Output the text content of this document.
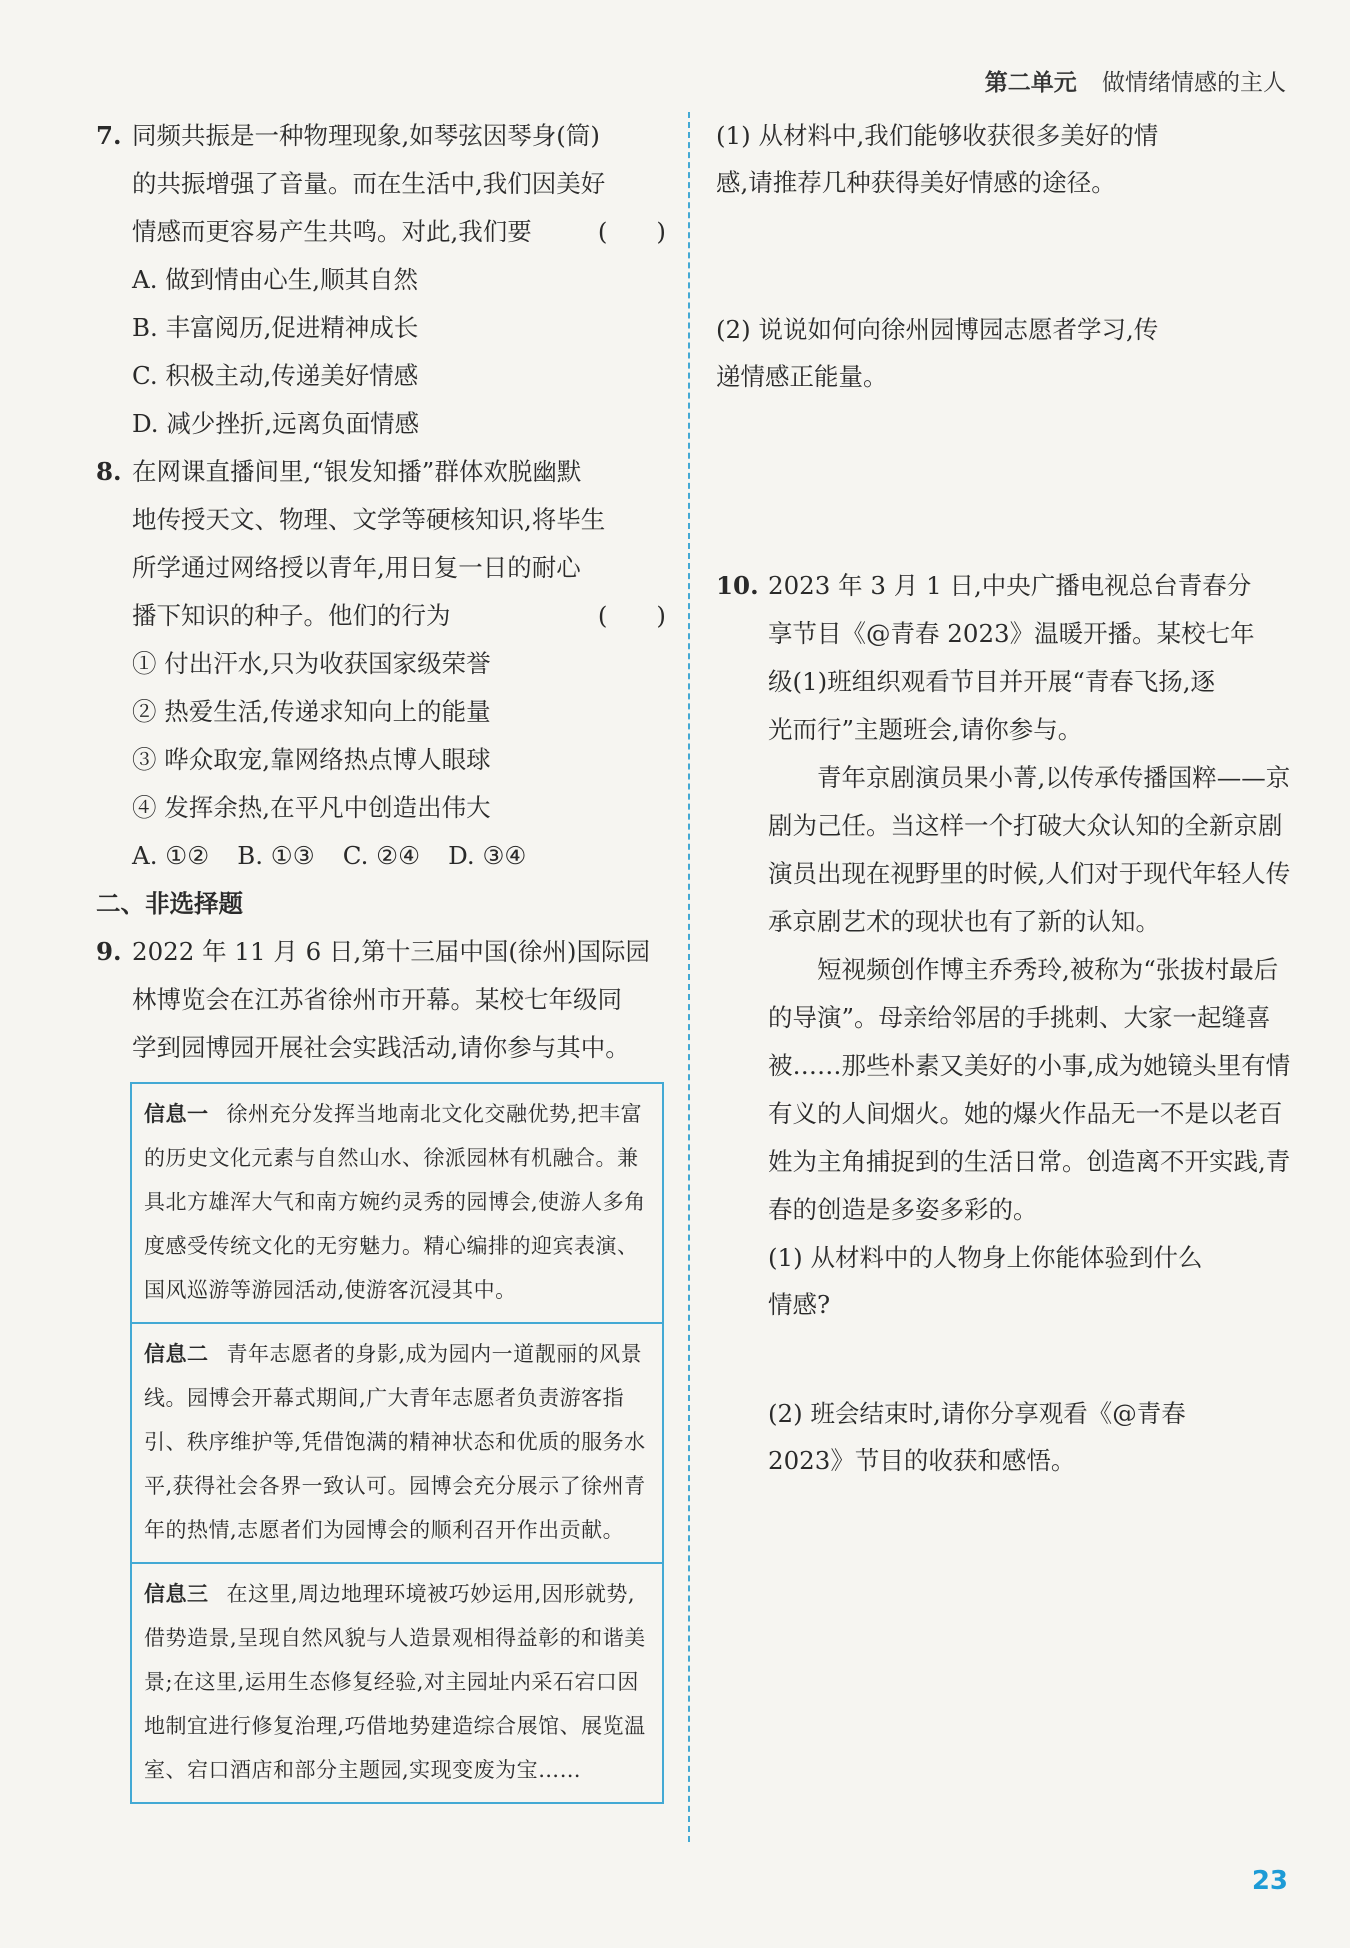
第二单元 做情绪情感的主人
7. 同频共振是一种物理现象,如琴弦因琴身(筒)
的共振增强了音量。而在生活中,我们因美好
情感而更容易产生共鸣。对此,我们要	(　　)
A. 做到情由心生,顺其自然
B. 丰富阅历,促进精神成长
C. 积极主动,传递美好情感
D. 减少挫折,远离负面情感
8. 在网课直播间里,“银发知播”群体欢脱幽默
地传授天文、物理、文学等硬核知识,将毕生
所学通过网络授以青年,用日复一日的耐心
播下知识的种子。他们的行为	(　　)
① 付出汗水,只为收获国家级荣誉
② 热爱生活,传递求知向上的能量
③ 哗众取宠,靠网络热点博人眼球
④ 发挥余热,在平凡中创造出伟大
A. ①② B. ①③ C. ②④ D. ③④
二、非选择题
9. 2022 年 11 月 6 日,第十三届中国(徐州)国际园
林博览会在江苏省徐州市开幕。某校七年级同
学到园博园开展社会实践活动,请你参与其中。
信息一 徐州充分发挥当地南北文化交融优势,把丰富的历史文化元素与自然山水、徐派园林有机融合。兼具北方雄浑大气和南方婉约灵秀的园博会,使游人多角度感受传统文化的无穷魅力。精心编排的迎宾表演、国风巡游等游园活动,使游客沉浸其中。
信息二 青年志愿者的身影,成为园内一道靓丽的风景线。园博会开幕式期间,广大青年志愿者负责游客指引、秩序维护等,凭借饱满的精神状态和优质的服务水平,获得社会各界一致认可。园博会充分展示了徐州青年的热情,志愿者们为园博会的顺利召开作出贡献。
信息三 在这里,周边地理环境被巧妙运用,因形就势,借势造景,呈现自然风貌与人造景观相得益彰的和谐美景;在这里,运用生态修复经验,对主园址内采石宕口因地制宜进行修复治理,巧借地势建造综合展馆、展览温室、宕口酒店和部分主题园,实现变废为宝……
(1) 从材料中,我们能够收获很多美好的情
感,请推荐几种获得美好情感的途径。
(2) 说说如何向徐州园博园志愿者学习,传
递情感正能量。
10. 2023 年 3 月 1 日,中央广播电视总台青春分
享节目《@青春 2023》温暖开播。某校七年
级(1)班组织观看节目并开展“青春飞扬,逐
光而行”主题班会,请你参与。
青年京剧演员果小菁,以传承传播国粹——京剧为己任。当这样一个打破大众认知的全新京剧演员出现在视野里的时候,人们对于现代年轻人传承京剧艺术的现状也有了新的认知。
短视频创作博主乔秀玲,被称为“张拔村最后的导演”。母亲给邻居的手挑刺、大家一起缝喜被……那些朴素又美好的小事,成为她镜头里有情有义的人间烟火。她的爆火作品无一不是以老百姓为主角捕捉到的生活日常。创造离不开实践,青春的创造是多姿多彩的。
(1) 从材料中的人物身上你能体验到什么
情感?
(2) 班会结束时,请你分享观看《@青春
2023》节目的收获和感悟。
23
